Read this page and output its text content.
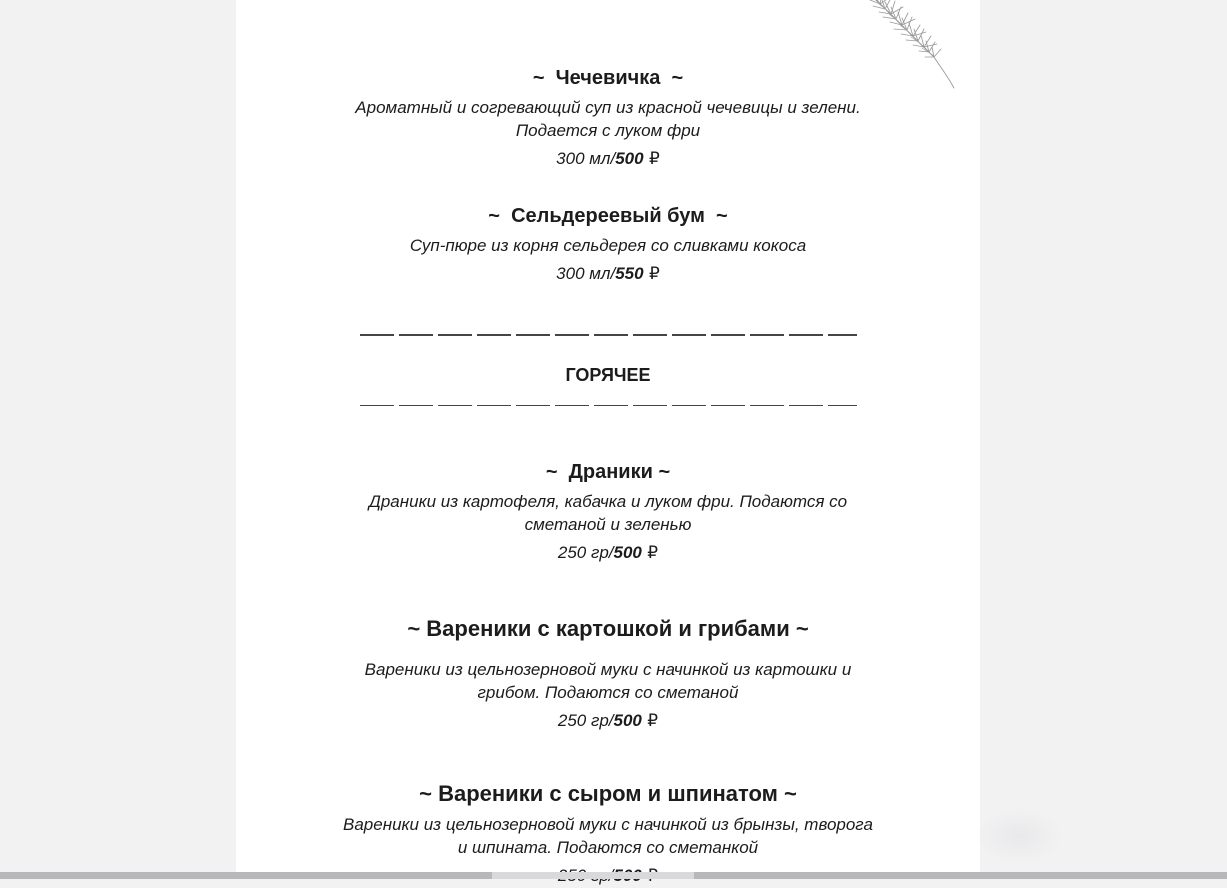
~  Чечевичка  ~

Ароматный и согревающий суп из красной чечевицы и зелени.

Подается с луком фри

300 мл/500 ₽

~  Сельдереевый бум  ~

Суп-пюре из корня сельдерея со сливками кокоса

300 мл/550 ₽

ГОРЯЧЕЕ
~  Драники ~

Драники из картофеля, кабачка и луком фри. Подаются со

сметаной и зеленью

250 гр/500 ₽

~ Вареники с картошкой и грибами ~

Вареники из цельнозерновой муки с начинкой из картошки и

грибом. Подаются со сметаной

250 гр/500 ₽

~ Вареники с сыром и шпинатом ~

Вареники из цельнозерновой муки с начинкой из брынзы, творога

и шпината. Подаются со сметанкой
